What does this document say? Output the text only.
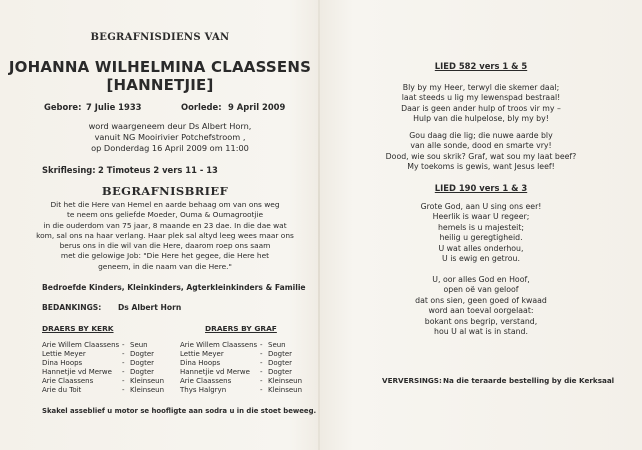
BEGRAFNISDIENS VAN
JOHANNA WILHELMINA CLAASSENS
[HANNETJIE]
Gebore: 7 Julie 1933	Oorlede: 9 April 2009
word waargeneem deur Ds Albert Horn,
vanuit NG Mooirivier Potchefstroom ,
op Donderdag 16 April 2009 om 11:00
Skriflesing: 2 Timoteus 2 vers 11 - 13
BEGRAFNISBRIEF
Dit het die Here van Hemel en aarde behaag om van ons weg
te neem ons geliefde Moeder, Ouma & Oumagrootjie
in die ouderdom van 75 jaar, 8 maande en 23 dae. In die dae wat
kom, sal ons na haar verlang. Haar plek sal altyd leeg wees maar ons
berus ons in die wil van die Here, daarom roep ons saam
met die gelowige Job: "Die Here het gegee, die Here het
geneem, in die naam van die Here."
Bedroefde Kinders, Kleinkinders, Agterkleinkinders & Familie
BEDANKINGS: Ds Albert Horn
DRAERS BY KERK	DRAERS BY GRAF
Arie Willem Claassens
Lettie Meyer
Dina Hoops
Hannetjie vd Merwe
Arie Claassens
Arie du Toit
-
-
-
-
-
-
Seun
Dogter
Dogter
Dogter
Kleinseun
Kleinseun
Arie Willem Claassens
Lettie Meyer
Dina Hoops
Hannetjie vd Merwe
Arie Claassens
Thys Halgryn
-
-
-
-
-
-
Seun
Dogter
Dogter
Dogter
Kleinseun
Kleinseun
Skakel asseblief u motor se hoofligte aan sodra u in die stoet beweeg.
LIED 582 vers 1 & 5
Bly by my Heer, terwyl die skemer daal;
laat steeds u lig my lewenspad bestraal!
Daar is geen ander hulp of troos vir my –
Hulp van die hulpelose, bly my by!
Gou daag die lig; die nuwe aarde bly
van alle sonde, dood en smarte vry!
Dood, wie sou skrik? Graf, wat sou my laat beef?
My toekoms is gewis, want Jesus leef!
LIED 190 vers 1 & 3
Grote God, aan U sing ons eer!
Heerlik is waar U regeer;
hemels is u majesteit;
heilig u geregtigheid.
U wat alles onderhou,
U is ewig en getrou.
U, oor alles God en Hoof,
open oë van geloof
dat ons sien, geen goed of kwaad
word aan toeval oorgelaat:
bokant ons begrip, verstand,
hou U al wat is in stand.
VERVERSINGS: Na die teraarde bestelling by die Kerksaal
